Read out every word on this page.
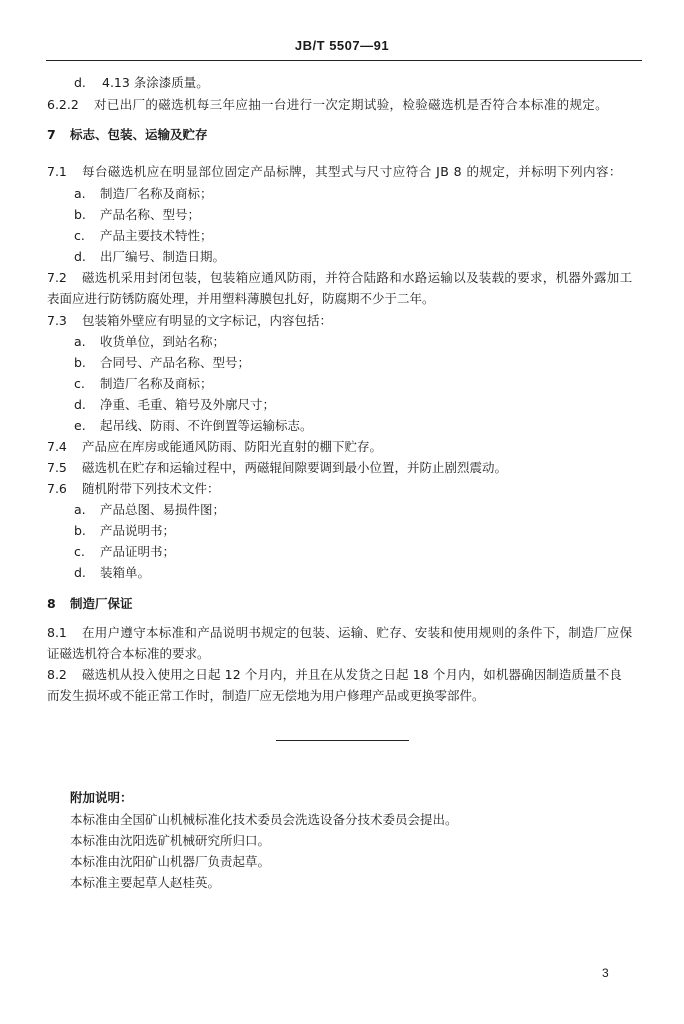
JB/T 5507—91
d. 4.13 条涂漆质量。
6.2.2 对已出厂的磁选机每三年应抽一台进行一次定期试验，检验磁选机是否符合本标准的规定。
7 标志、包装、运输及贮存
7.1 每台磁选机应在明显部位固定产品标牌，其型式与尺寸应符合 JB 8 的规定，并标明下列内容：
a. 制造厂名称及商标；
b. 产品名称、型号；
c. 产品主要技术特性；
d. 出厂编号、制造日期。
7.2 磁选机采用封闭包装，包装箱应通风防雨，并符合陆路和水路运输以及装载的要求，机器外露加工
表面应进行防锈防腐处理，并用塑料薄膜包扎好，防腐期不少于二年。
7.3 包装箱外壁应有明显的文字标记，内容包括：
a. 收货单位，到站名称；
b. 合同号、产品名称、型号；
c. 制造厂名称及商标；
d. 净重、毛重、箱号及外廓尺寸；
e. 起吊线、防雨、不许倒置等运输标志。
7.4 产品应在库房或能通风防雨、防阳光直射的棚下贮存。
7.5 磁选机在贮存和运输过程中，两磁辊间隙要调到最小位置，并防止剧烈震动。
7.6 随机附带下列技术文件：
a. 产品总图、易损件图；
b. 产品说明书；
c. 产品证明书；
d. 装箱单。
8 制造厂保证
8.1 在用户遵守本标准和产品说明书规定的包装、运输、贮存、安装和使用规则的条件下，制造厂应保
证磁选机符合本标准的要求。
8.2 磁选机从投入使用之日起 12 个月内，并且在从发货之日起 18 个月内，如机器确因制造质量不良
而发生损坏或不能正常工作时，制造厂应无偿地为用户修理产品或更换零部件。
附加说明：
本标准由全国矿山机械标准化技术委员会洗选设备分技术委员会提出。
本标准由沈阳选矿机械研究所归口。
本标准由沈阳矿山机器厂负责起草。
本标准主要起草人赵桂英。
3
